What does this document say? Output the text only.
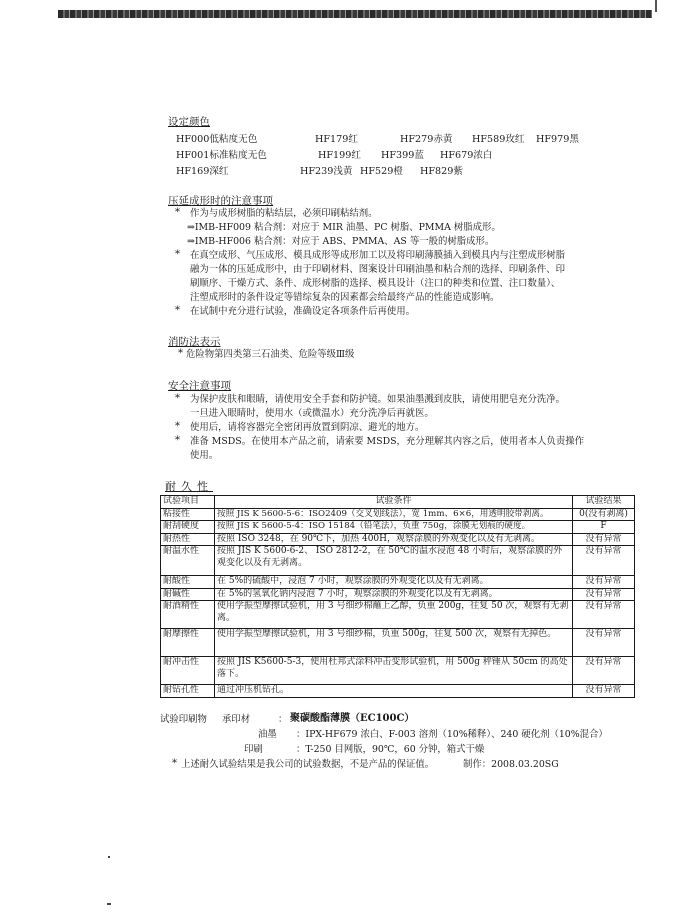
设定颜色
HF000低粘度无色	HF179红	HF279赤黄 HF589玫红 HF979黑
HF001标准粘度无色	HF199红 HF399蓝 HF679浓白
HF169深红	HF239浅黄 HF529橙 HF829紫
压延成形时的注意事项
* 作为与成形树脂的粘结层，必须印刷粘结剂。
⇒IMB-HF009 粘合剂：对应于 MIR 油墨、PC 树脂、PMMA 树脂成形。
⇒IMB-HF006 粘合剂：对应于 ABS、PMMA、AS 等一般的树脂成形。
* 在真空成形、气压成形、模具成形等成形加工以及将印刷薄膜插入到模具内与注塑成形树脂
融为一体的压延成形中，由于印刷材料、图案设计印刷油墨和粘合剂的选择、印刷条件、印
刷顺序、干燥方式、条件、成形树脂的选择、模具设计（注口的种类和位置、注口数量）、
注塑成形时的条件设定等错综复杂的因素都会给最终产品的性能造成影响。
* 在试制中充分进行试验，准确设定各项条件后再使用。
消防法表示
* 危险物第四类第三石油类、危险等级Ⅲ级
安全注意事项
* 为保护皮肤和眼睛，请使用安全手套和防护镜。如果油墨溅到皮肤，请使用肥皂充分洗净。
一旦进入眼睛时，使用水（或微温水）充分洗净后再就医。
* 使用后，请将容器完全密闭再放置到阴凉、避光的地方。
* 准备 MSDS。在使用本产品之前，请索要 MSDS，充分理解其内容之后，使用者本人负责操作
使用。
耐久性
试验项目	试验条件	试验结果
粘接性	按照 JIS K 5600-5-6：ISO2409（交叉划线法），宽 1mm、6×6，用透明胶带剥离。	0(没有剥离)
耐刮硬度	按照 JIS K 5600-5-4：ISO 15184（铅笔法），负重 750g，涂膜无划痕的硬度。	F
耐热性	按照 ISO 3248，在 90℃下，加热 400H，观察涂膜的外观变化以及有无剥离。	没有异常
耐温水性	按照 JIS K 5600-6-2、 ISO 2812-2，在 50℃的温水浸泡 48 小时后，观察涂膜的外观变化以及有无剥离。	没有异常
耐酸性	在 5%的硫酸中，浸泡 7 小时，观察涂膜的外观变化以及有无剥离。	没有异常
耐碱性	在 5%的氢氧化钠内浸泡 7 小时，观察涂膜的外观变化以及有无剥离。	没有异常
耐酒精性	使用学振型摩擦试验机，用 3 号细纱棉蘸上乙醇，负重 200g，往复 50 次，观察有无剥离。	没有异常
耐摩擦性	使用学振型摩擦试验机，用 3 号细纱棉，负重 500g，往复 500 次，观察有无掉色。	没有异常
耐冲击性	按照 JIS K5600-5-3，使用杜邦式涂料冲击变形试验机，用 500g 秤锤从 50cm 的高处落下。	没有异常
耐钻孔性	通过冲压机钻孔。	没有异常
试验印刷物 承印材	： 聚碳酸酯薄膜（EC100C）
油墨 ：IPX-HF679 浓白、F-003 溶剂（10%稀释）、240 硬化剂（10%混合）
印刷	：T-250 目网版，90℃，60 分钟，箱式干燥
* 上述耐久试验结果是我公司的试验数据，不是产品的保证值。	制作：2008.03.20SG
